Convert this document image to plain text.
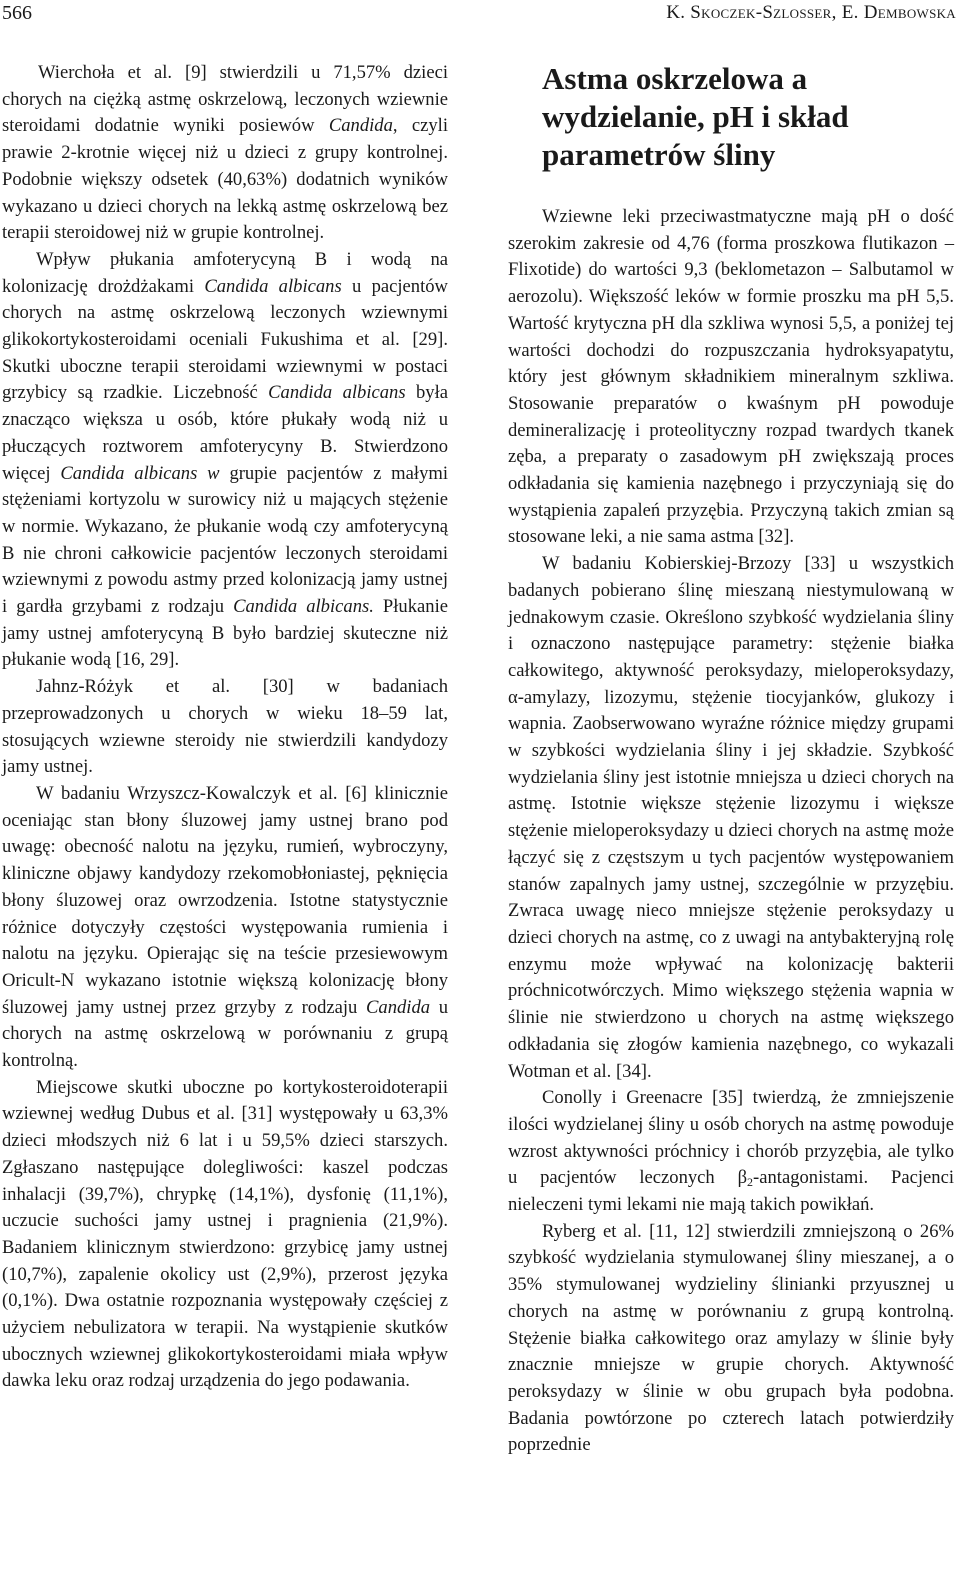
566	K. Skoczek-Szlosser, E. Dembowska

Wierchoła et al. [9] stwierdzili u 71,57% dzieci chorych na ciężką astmę oskrzelową, leczonych wziewnie steroidami dodatnie wyniki posiewów Candida, czyli prawie 2-krotnie więcej niż u dzieci z grupy kontrolnej. Podobnie większy odsetek (40,63%) dodatnich wyników wykazano u dzieci chorych na lekką astmę oskrzelową bez terapii steroidowej niż w grupie kontrolnej.

Wpływ płukania amfoterycyną B i wodą na kolonizację drożdżakami Candida albicans u pacjentów chorych na astmę oskrzelową leczonych wziewnymi glikokortykosteroidami oceniali Fukushima et al. [29]. Skutki uboczne terapii steroidami wziewnymi w postaci grzybicy są rzadkie. Liczebność Candida albicans była znacząco większa u osób, które płukały wodą niż u płuczących roztworem amfoterycyny B. Stwierdzono więcej Candida albicans w grupie pacjentów z małymi stężeniami kortyzolu w surowicy niż u mających stężenie w normie. Wykazano, że płukanie wodą czy amfoterycyną B nie chroni całkowicie pacjentów leczonych steroidami wziewnymi z powodu astmy przed kolonizacją jamy ustnej i gardła grzybami z rodzaju Candida albicans. Płukanie jamy ustnej amfoterycyną B było bardziej skuteczne niż płukanie wodą [16, 29].

Jahnz-Różyk et al. [30] w badaniach przeprowadzonych u chorych w wieku 18–59 lat, stosujących wziewne steroidy nie stwierdzili kandydozy jamy ustnej.

W badaniu Wrzyszcz-Kowalczyk et al. [6] klinicznie oceniając stan błony śluzowej jamy ustnej brano pod uwagę: obecność nalotu na języku, rumień, wybroczyny, kliniczne objawy kandydozy rzekomobłoniastej, pęknięcia błony śluzowej oraz owrzodzenia. Istotne statystycznie różnice dotyczyły częstości występowania rumienia i nalotu na języku. Opierając się na teście przesiewowym Oricult-N wykazano istotnie większą kolonizację błony śluzowej jamy ustnej przez grzyby z rodzaju Candida u chorych na astmę oskrzelową w porównaniu z grupą kontrolną.

Miejscowe skutki uboczne po kortykosteroidoterapii wziewnej według Dubus et al. [31] występowały u 63,3% dzieci młodszych niż 6 lat i u 59,5% dzieci starszych. Zgłaszano następujące dolegliwości: kaszel podczas inhalacji (39,7%), chrypkę (14,1%), dysfonię (11,1%), uczucie suchości jamy ustnej i pragnienia (21,9%). Badaniem klinicznym stwierdzono: grzybicę jamy ustnej (10,7%), zapalenie okolicy ust (2,9%), przerost języka (0,1%). Dwa ostatnie rozpoznania występowały częściej z użyciem nebulizatora w terapii. Na wystąpienie skutków ubocznych wziewnej glikokortykosteroidami miała wpływ dawka leku oraz rodzaj urządzenia do jego podawania.

Astma oskrzelowa a wydzielanie, pH i skład parametrów śliny

Wziewne leki przeciwastmatyczne mają pH o dość szerokim zakresie od 4,76 (forma proszkowa flutikazon – Flixotide) do wartości 9,3 (beklometazon – Salbutamol w aerozolu). Większość leków w formie proszku ma pH 5,5. Wartość krytyczna pH dla szkliwa wynosi 5,5, a poniżej tej wartości dochodzi do rozpuszczania hydroksyapatytu, który jest głównym składnikiem mineralnym szkliwa. Stosowanie preparatów o kwaśnym pH powoduje demineralizację i proteolityczny rozpad twardych tkanek zęba, a preparaty o zasadowym pH zwiększają proces odkładania się kamienia nazębnego i przyczyniają się do wystąpienia zapaleń przyzębia. Przyczyną takich zmian są stosowane leki, a nie sama astma [32].

W badaniu Kobierskiej-Brzozy [33] u wszystkich badanych pobierano ślinę mieszaną niestymulowaną w jednakowym czasie. Określono szybkość wydzielania śliny i oznaczono następujące parametry: stężenie białka całkowitego, aktywność peroksydazy, mieloperoksydazy, α-amylazy, lizozymu, stężenie tiocyjanków, glukozy i wapnia. Zaobserwowano wyraźne różnice między grupami w szybkości wydzielania śliny i jej składzie. Szybkość wydzielania śliny jest istotnie mniejsza u dzieci chorych na astmę. Istotnie większe stężenie lizozymu i większe stężenie mieloperoksydazy u dzieci chorych na astmę może łączyć się z częstszym u tych pacjentów występowaniem stanów zapalnych jamy ustnej, szczególnie w przyzębiu. Zwraca uwagę nieco mniejsze stężenie peroksydazy u dzieci chorych na astmę, co z uwagi na antybakteryjną rolę enzymu może wpływać na kolonizację bakterii próchnicotwórczych. Mimo większego stężenia wapnia w ślinie nie stwierdzono u chorych na astmę większego odkładania się złogów kamienia nazębnego, co wykazali Wotman et al. [34].

Conolly i Greenacre [35] twierdzą, że zmniejszenie ilości wydzielanej śliny u osób chorych na astmę powoduje wzrost aktywności próchnicy i chorób przyzębia, ale tylko u pacjentów leczonych $\beta_2$-antagonistami. Pacjenci nieleczeni tymi lekami nie mają takich powikłań.

Ryberg et al. [11, 12] stwierdzili zmniejszoną o 26% szybkość wydzielania stymulowanej śliny mieszanej, a o 35% stymulowanej wydzieliny ślinianki przyusznej u chorych na astmę w porównaniu z grupą kontrolną. Stężenie białka całkowitego oraz amylazy w ślinie były znacznie mniejsze w grupie chorych. Aktywność peroksydazy w ślinie w obu grupach była podobna. Badania powtórzone po czterech latach potwierdziły poprzednie
